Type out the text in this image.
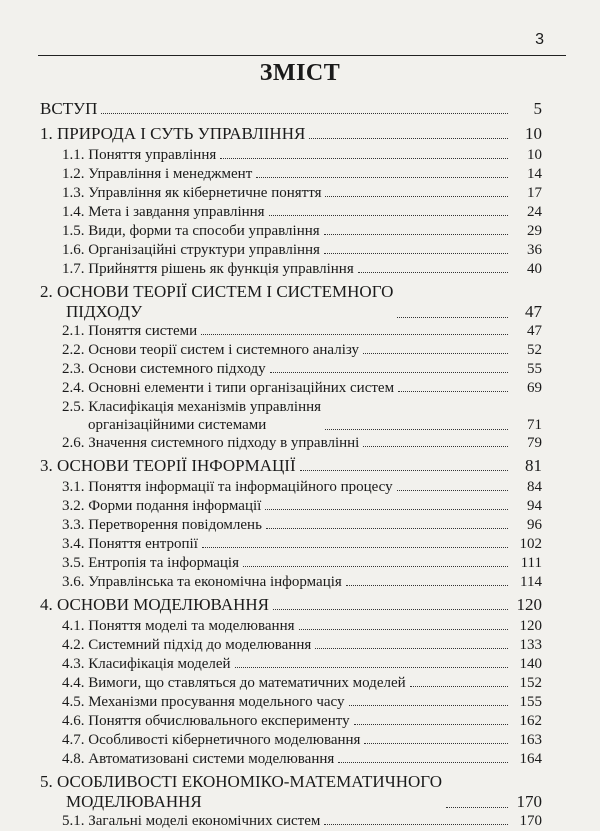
3
ЗМІСТ
ВСТУП	5
1. ПРИРОДА І СУТЬ УПРАВЛІННЯ	10
1.1. Поняття управління	10
1.2. Управління і менеджмент	14
1.3. Управління як кібернетичне поняття	17
1.4. Мета і завдання управління	24
1.5. Види, форми та способи управління	29
1.6. Організаційні структури управління	36
1.7. Прийняття рішень як функція управління	40
2. ОСНОВИ ТЕОРІЇ СИСТЕМ І СИСТЕМНОГО
ПІДХОДУ	47
2.1. Поняття системи	47
2.2. Основи теорії систем і системного аналізу	52
2.3. Основи системного підходу	55
2.4. Основні елементи і типи організаційних систем	69
2.5. Класифікація механізмів управління
організаційними системами	71
2.6. Значення системного підходу в управлінні	79
3. ОСНОВИ ТЕОРІЇ ІНФОРМАЦІЇ	81
3.1. Поняття інформації та інформаційного процесу	84
3.2. Форми подання інформації	94
3.3. Перетворення повідомлень	96
3.4. Поняття ентропії	102
3.5. Ентропія та інформація	111
3.6. Управлінська та економічна інформація	114
4. ОСНОВИ МОДЕЛЮВАННЯ	120
4.1. Поняття моделі та моделювання	120
4.2. Системний підхід до моделювання	133
4.3. Класифікація моделей	140
4.4. Вимоги, що ставляться до математичних моделей	152
4.5. Механізми просування модельного часу	155
4.6. Поняття обчислювального експерименту	162
4.7. Особливості кібернетичного моделювання	163
4.8. Автоматизовані системи моделювання	164
5. ОСОБЛИВОСТІ ЕКОНОМІКО-МАТЕМАТИЧНОГО
МОДЕЛЮВАННЯ	170
5.1. Загальні моделі економічних систем	170
